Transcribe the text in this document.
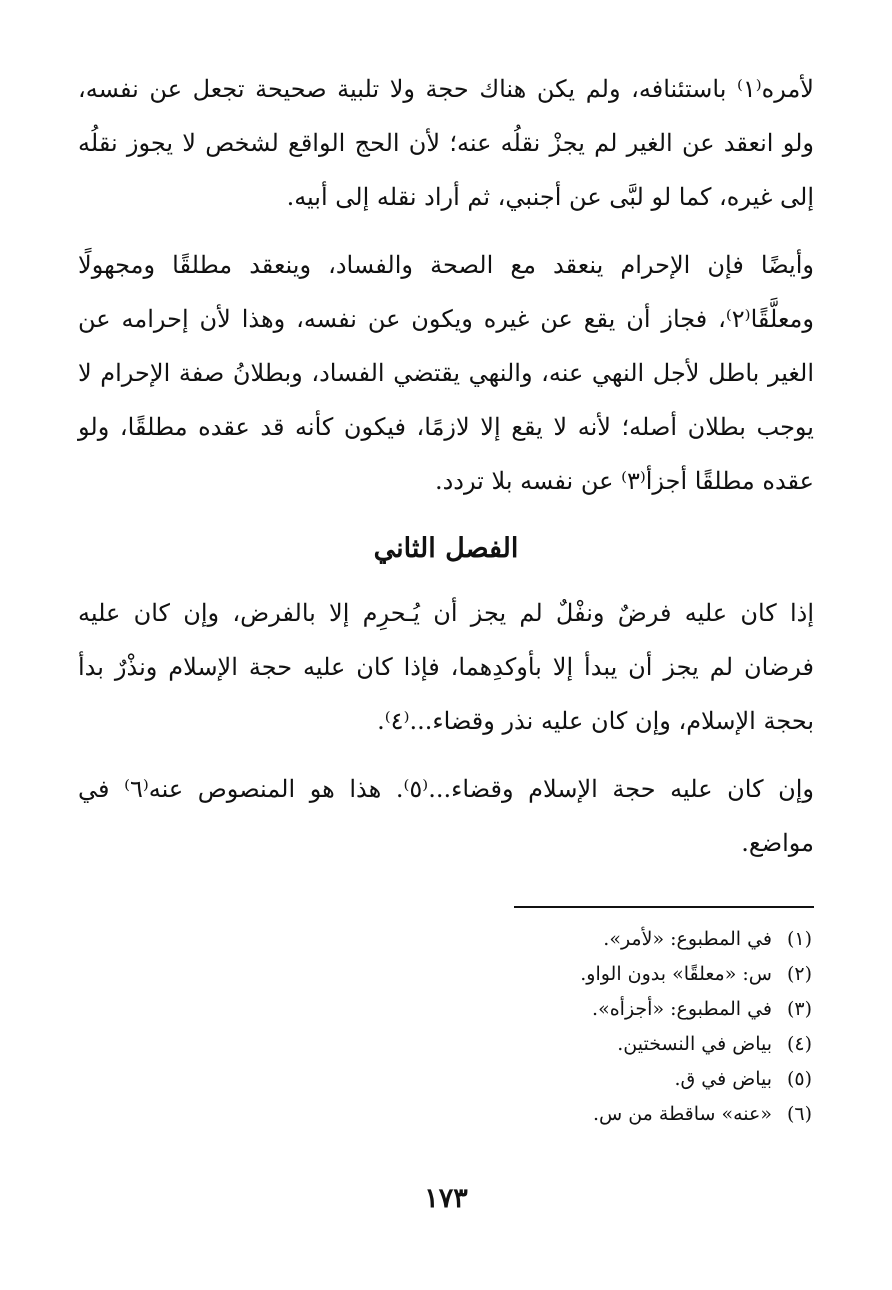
لأمره⁽١⁾ باستئنافه، ولم يكن هناك حجة ولا تلبية صحيحة تجعل عن نفسه، ولو انعقد عن الغير لم يجزْ نقلُه عنه؛ لأن الحج الواقع لشخص لا يجوز نقلُه إلى غيره، كما لو لبَّى عن أجنبي، ثم أراد نقله إلى أبيه.

وأيضًا فإن الإحرام ينعقد مع الصحة والفساد، وينعقد مطلقًا ومجهولًا ومعلَّقًا⁽٢⁾، فجاز أن يقع عن غيره ويكون عن نفسه، وهذا لأن إحرامه عن الغير باطل لأجل النهي عنه، والنهي يقتضي الفساد، وبطلانُ صفة الإحرام لا يوجب بطلان أصله؛ لأنه لا يقع إلا لازمًا، فيكون كأنه قد عقده مطلقًا، ولو عقده مطلقًا أجزأ⁽٣⁾ عن نفسه بلا تردد.

الفصل الثاني

إذا كان عليه فرضٌ ونفْلٌ لم يجز أن يُـحرِم إلا بالفرض، وإن كان عليه فرضان لم يجز أن يبدأ إلا بأوكدِهما، فإذا كان عليه حجة الإسلام ونذْرٌ بدأ بحجة الإسلام، وإن كان عليه نذر وقضاء...⁽٤⁾.

وإن كان عليه حجة الإسلام وقضاء...⁽٥⁾. هذا هو المنصوص عنه⁽٦⁾ في مواضع.

(١)في المطبوع: «لأمر».
(٢)س: «معلقًا» بدون الواو.
(٣)في المطبوع: «أجزأه».
(٤)بياض في النسختين.
(٥)بياض في ق.
(٦)«عنه» ساقطة من س.
١٧٣
